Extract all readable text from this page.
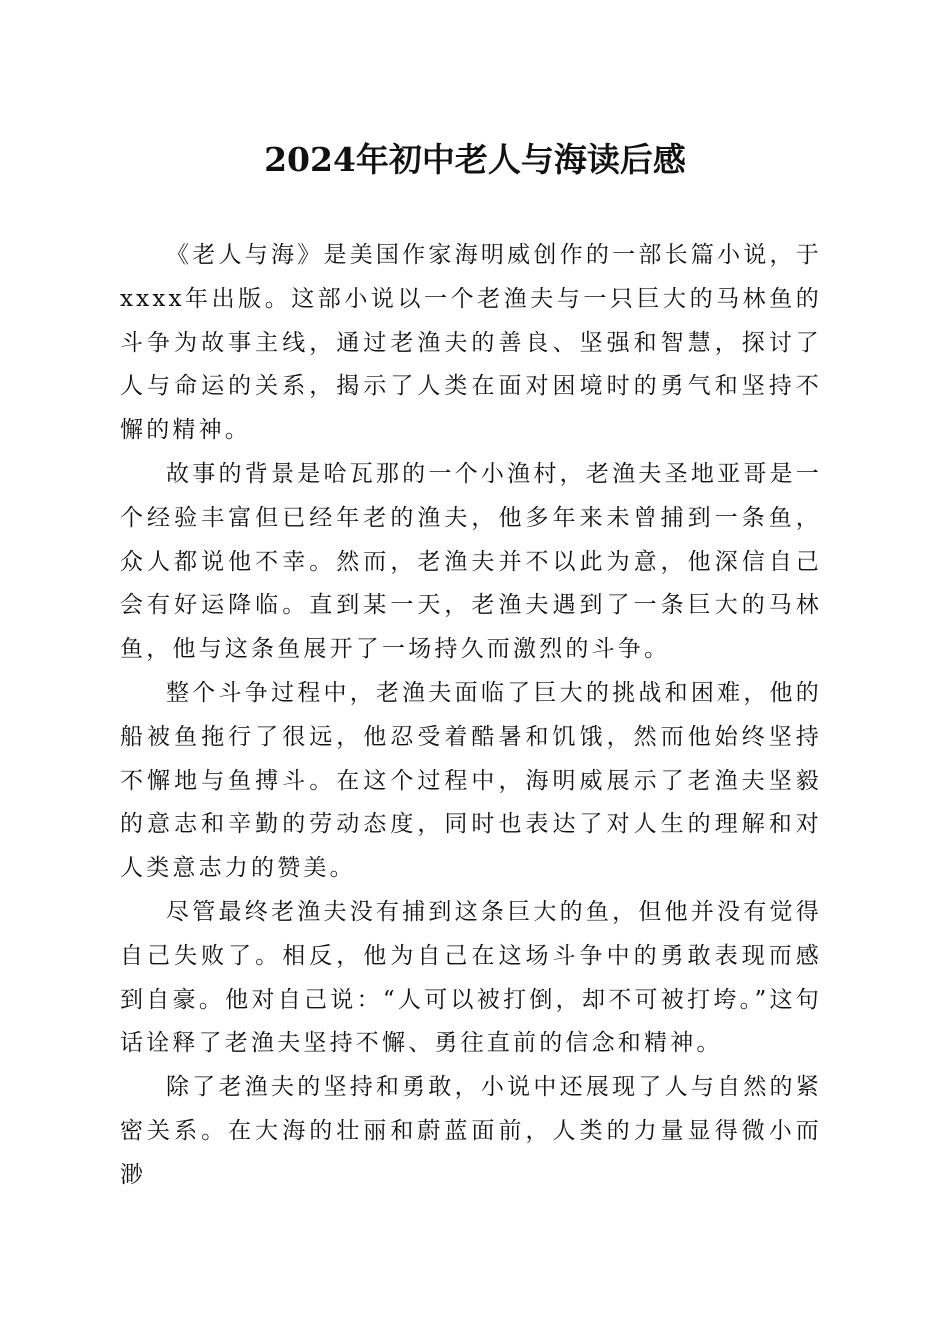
2024年初中老人与海读后感

《老人与海》是美国作家海明威创作的一部长篇小说，于xxxx年出版。这部小说以一个老渔夫与一只巨大的马林鱼的斗争为故事主线，通过老渔夫的善良、坚强和智慧，探讨了人与命运的关系，揭示了人类在面对困境时的勇气和坚持不懈的精神。

故事的背景是哈瓦那的一个小渔村，老渔夫圣地亚哥是一个经验丰富但已经年老的渔夫，他多年来未曾捕到一条鱼，众人都说他不幸。然而，老渔夫并不以此为意，他深信自己会有好运降临。直到某一天，老渔夫遇到了一条巨大的马林鱼，他与这条鱼展开了一场持久而激烈的斗争。

整个斗争过程中，老渔夫面临了巨大的挑战和困难，他的船被鱼拖行了很远，他忍受着酷暑和饥饿，然而他始终坚持不懈地与鱼搏斗。在这个过程中，海明威展示了老渔夫坚毅的意志和辛勤的劳动态度，同时也表达了对人生的理解和对人类意志力的赞美。

尽管最终老渔夫没有捕到这条巨大的鱼，但他并没有觉得自己失败了。相反，他为自己在这场斗争中的勇敢表现而感到自豪。他对自己说：“人可以被打倒，却不可被打垮。”这句话诠释了老渔夫坚持不懈、勇往直前的信念和精神。

除了老渔夫的坚持和勇敢，小说中还展现了人与自然的紧密关系。在大海的壮丽和蔚蓝面前，人类的力量显得微小而渺
